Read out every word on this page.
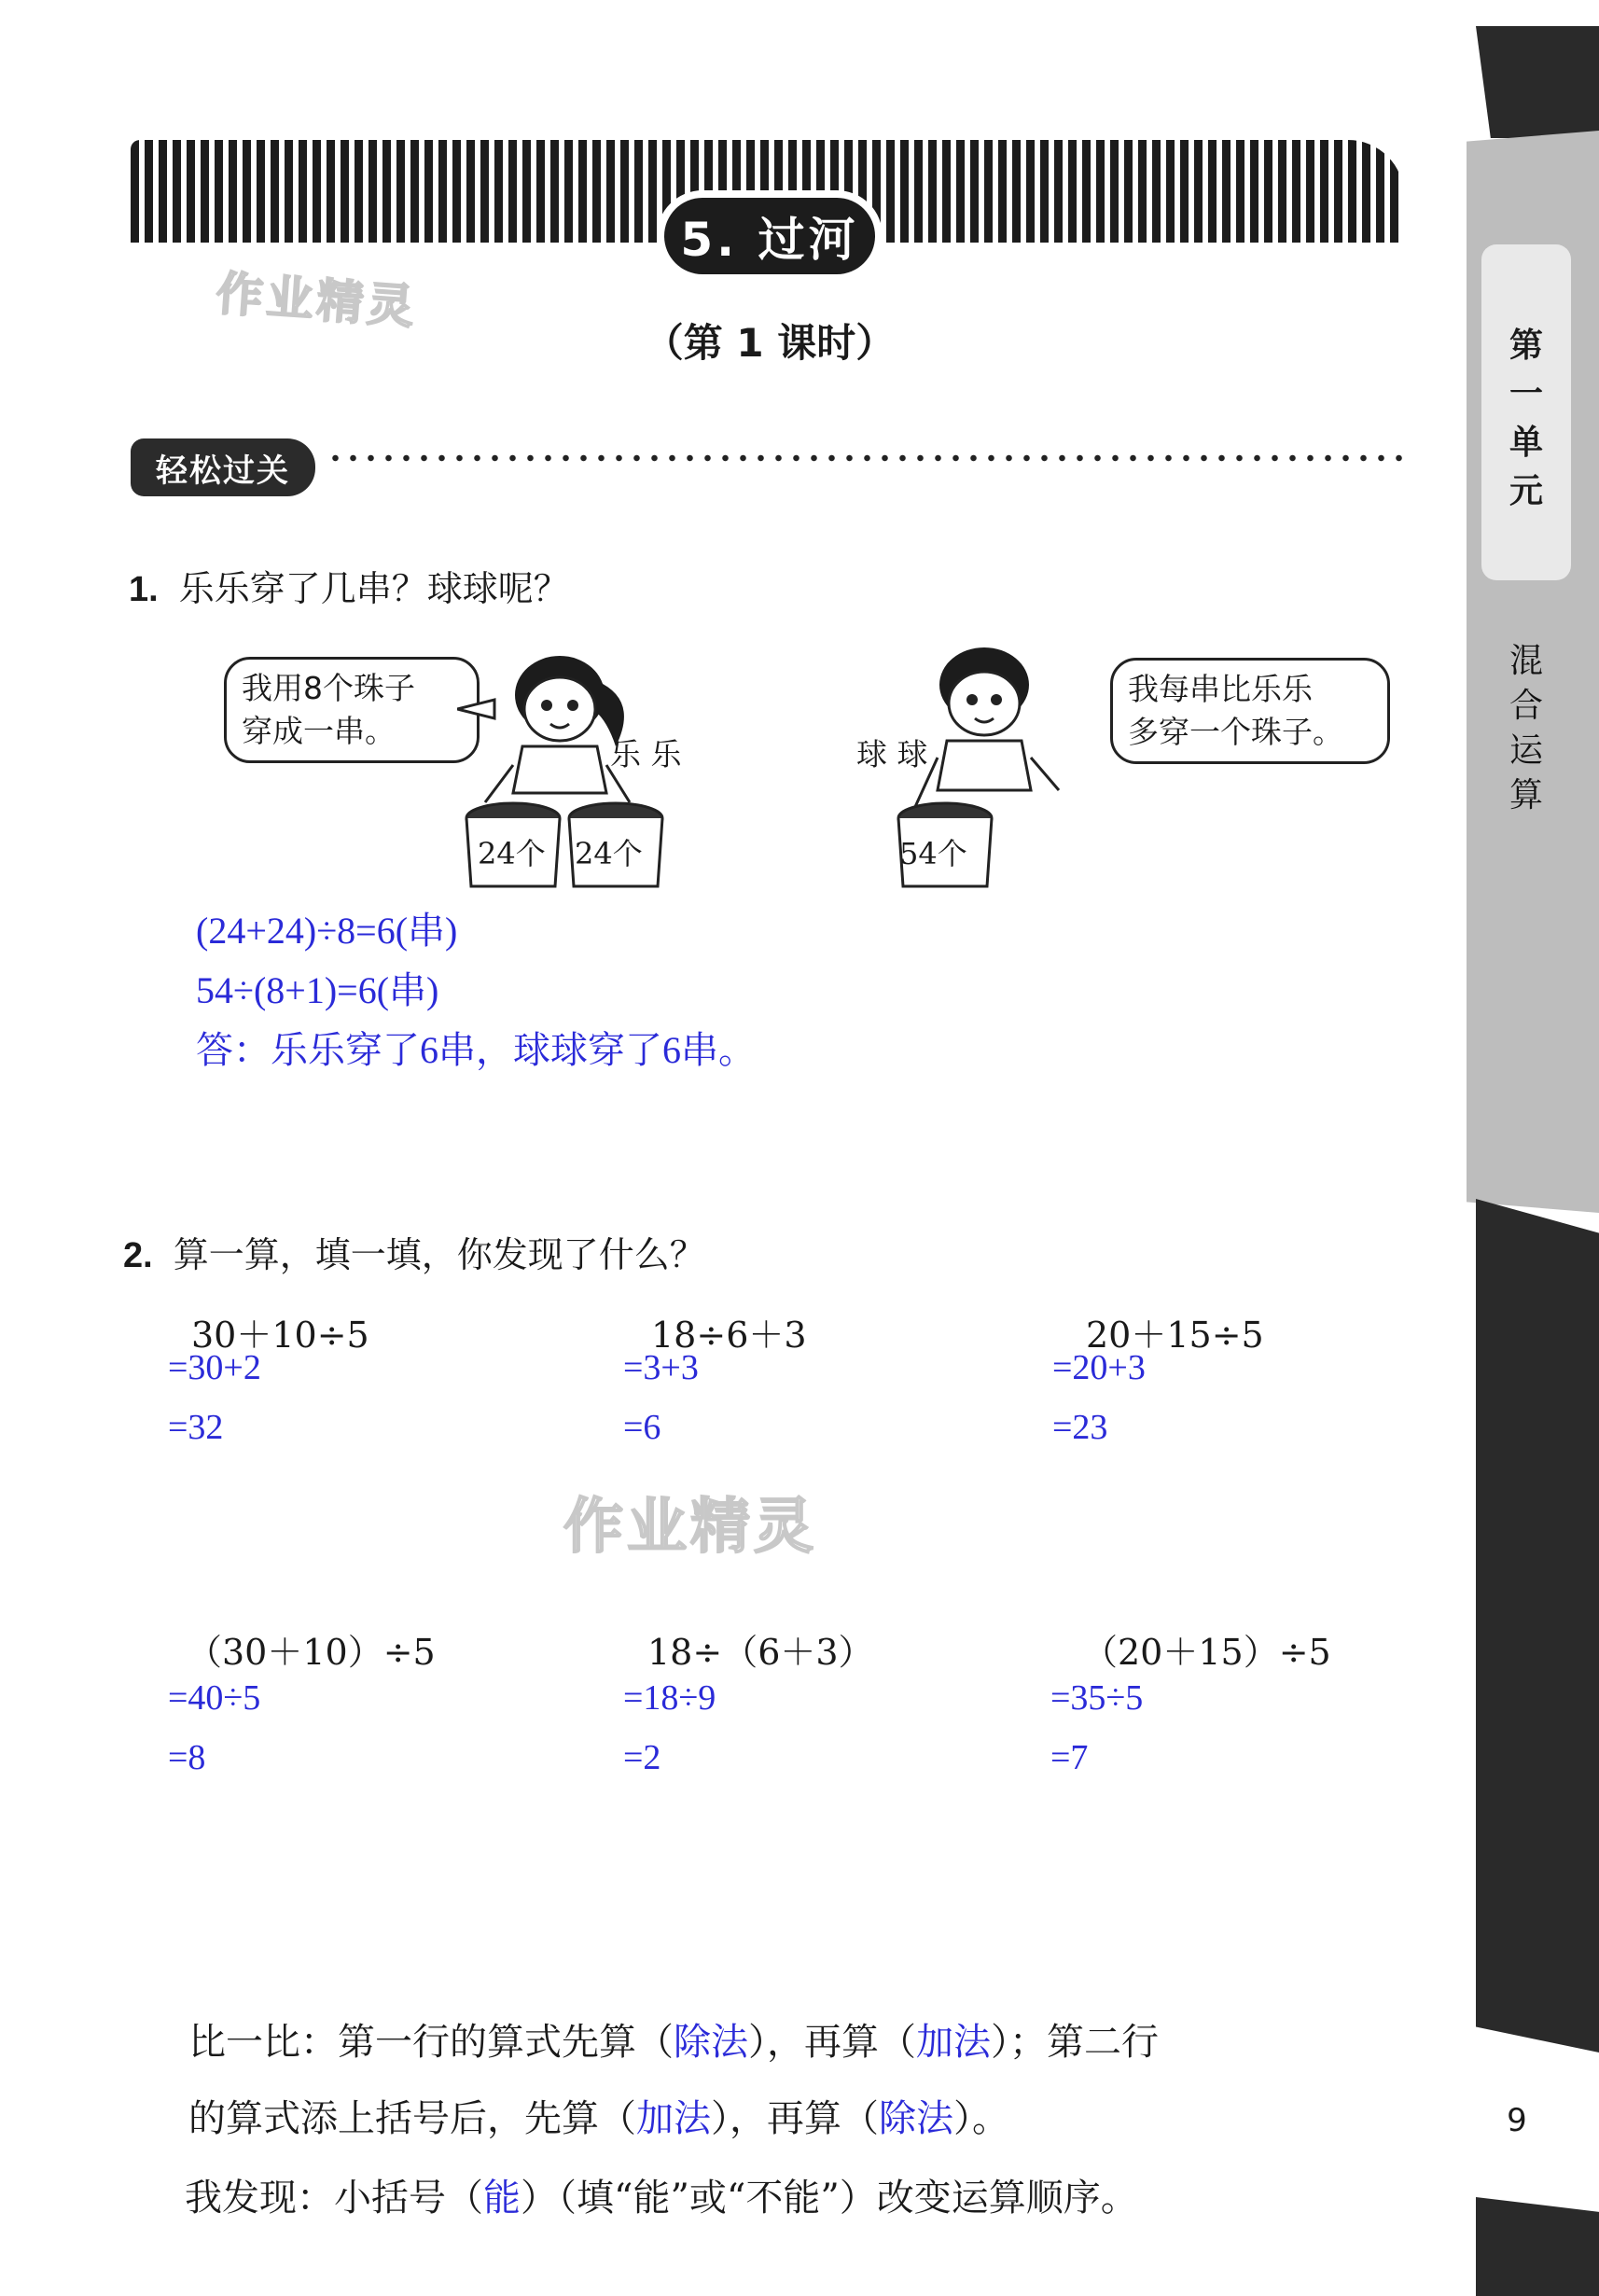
第
一
单
元
混
合
运
算
9
5. 过河
作业精灵
（第 1 课时）
轻松过关
1. 乐乐穿了几串？球球呢？
我用8个珠子
穿成一串。
乐 乐
24个 24个
球 球
我每串比乐乐
多穿一个珠子。
54个
(24+24)÷8=6(串)
54÷(8+1)=6(串)
答：乐乐穿了6串，球球穿了6串。
2. 算一算，填一填，你发现了什么？
30＋10÷5
=30+2
=32
18÷6＋3
=3+3
=6
20＋15÷5
=20+3
=23
作业精灵
（30＋10）÷5
=40÷5
=8
18÷（6＋3）
=18÷9
=2
（20＋15）÷5
=35÷5
=7
比一比：第一行的算式先算（除法），再算（加法）；第二行
的算式添上括号后，先算（加法），再算（除法）。
我发现：小括号（能）（填“能”或“不能”）改变运算顺序。
